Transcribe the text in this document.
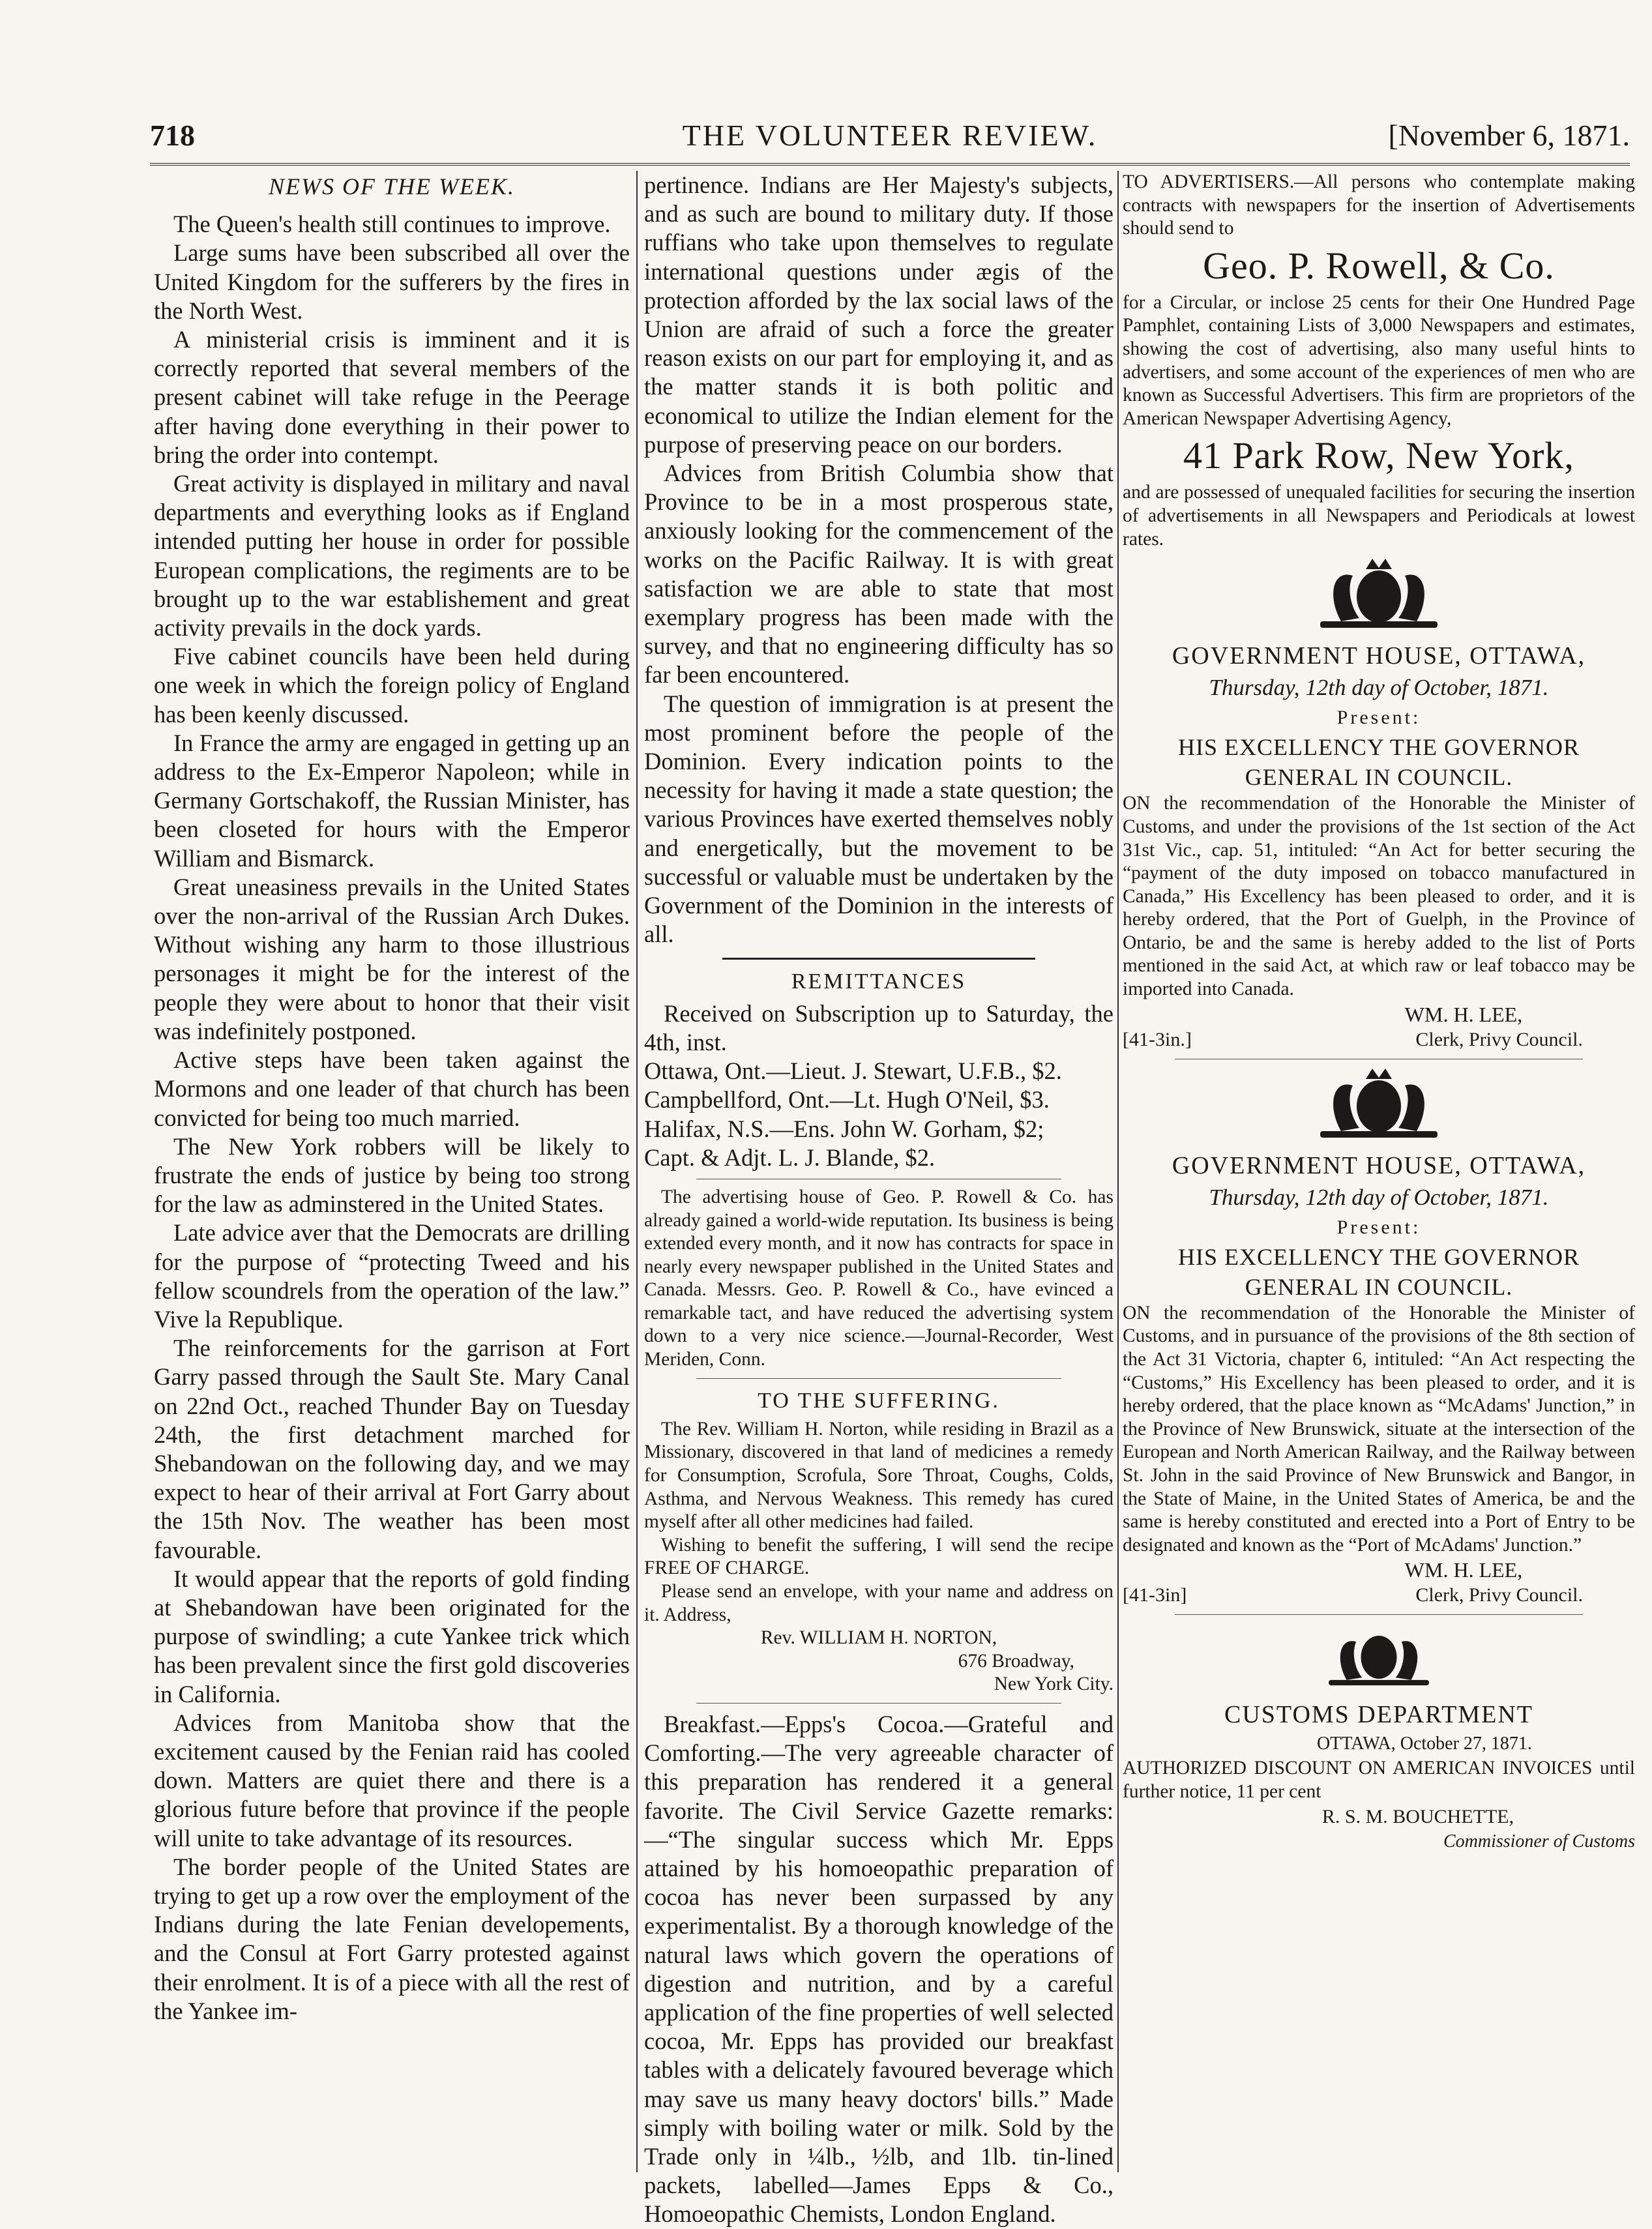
718	THE VOLUNTEER REVIEW.	[November 6, 1871.
NEWS OF THE WEEK.

The Queen's health still continues to improve.

Large sums have been subscribed all over the United Kingdom for the sufferers by the fires in the North West.

A ministerial crisis is imminent and it is correctly reported that several members of the present cabinet will take refuge in the Peerage after having done everything in their power to bring the order into contempt.

Great activity is displayed in military and naval departments and everything looks as if England intended putting her house in order for possible European complications, the regiments are to be brought up to the war establishement and great activity prevails in the dock yards.

Five cabinet councils have been held during one week in which the foreign policy of England has been keenly discussed.

In France the army are engaged in getting up an address to the Ex-Emperor Napoleon; while in Germany Gortschakoff, the Russian Minister, has been closeted for hours with the Emperor William and Bismarck.

Great uneasiness prevails in the United States over the non-arrival of the Russian Arch Dukes. Without wishing any harm to those illustrious personages it might be for the interest of the people they were about to honor that their visit was indefinitely postponed.

Active steps have been taken against the Mormons and one leader of that church has been convicted for being too much married.

The New York robbers will be likely to frustrate the ends of justice by being too strong for the law as adminstered in the United States.

Late advice aver that the Democrats are drilling for the purpose of “protecting Tweed and his fellow scoundrels from the operation of the law.” Vive la Republique.

The reinforcements for the garrison at Fort Garry passed through the Sault Ste. Mary Canal on 22nd Oct., reached Thunder Bay on Tuesday 24th, the first detachment marched for Shebandowan on the following day, and we may expect to hear of their arrival at Fort Garry about the 15th Nov. The weather has been most favourable.

It would appear that the reports of gold finding at Shebandowan have been originated for the purpose of swindling; a cute Yankee trick which has been prevalent since the first gold discoveries in California.

Advices from Manitoba show that the excitement caused by the Fenian raid has cooled down. Matters are quiet there and there is a glorious future before that province if the people will unite to take advantage of its resources.

The border people of the United States are trying to get up a row over the employment of the Indians during the late Fenian developements, and the Consul at Fort Garry protested against their enrolment. It is of a piece with all the rest of the Yankee im-

pertinence. Indians are Her Majesty's subjects, and as such are bound to military duty. If those ruffians who take upon themselves to regulate international questions under ægis of the protection afforded by the lax social laws of the Union are afraid of such a force the greater reason exists on our part for employing it, and as the matter stands it is both politic and economical to utilize the Indian element for the purpose of preserving peace on our borders.

Advices from British Columbia show that Province to be in a most prosperous state, anxiously looking for the commencement of the works on the Pacific Railway. It is with great satisfaction we are able to state that most exemplary progress has been made with the survey, and that no engineering difficulty has so far been encountered.

The question of immigration is at present the most prominent before the people of the Dominion. Every indication points to the necessity for having it made a state question; the various Provinces have exerted themselves nobly and energetically, but the movement to be successful or valuable must be undertaken by the Government of the Dominion in the interests of all.

REMITTANCES

Received on Subscription up to Saturday, the 4th, inst.

Ottawa, Ont.—Lieut. J. Stewart, U.F.B., $2.

Campbellford, Ont.—Lt. Hugh O'Neil, $3.

Halifax, N.S.—Ens. John W. Gorham, $2;

Capt. & Adjt. L. J. Blande, $2.

The advertising house of Geo. P. Rowell & Co. has already gained a world-wide reputation. Its business is being extended every month, and it now has contracts for space in nearly every newspaper published in the United States and Canada. Messrs. Geo. P. Rowell & Co., have evinced a remarkable tact, and have reduced the advertising system down to a very nice science.—Journal-Recorder, West Meriden, Conn.

TO THE SUFFERING.

The Rev. William H. Norton, while residing in Brazil as a Missionary, discovered in that land of medicines a remedy for Consumption, Scrofula, Sore Throat, Coughs, Colds, Asthma, and Nervous Weakness. This remedy has cured myself after all other medicines had failed.

Wishing to benefit the suffering, I will send the recipe FREE OF CHARGE.

Please send an envelope, with your name and address on it. Address,

Rev. WILLIAM H. NORTON,

676 Broadway,

New York City.

Breakfast.—Epps's Cocoa.—Grateful and Comforting.—The very agreeable character of this preparation has rendered it a general favorite. The Civil Service Gazette remarks:—“The singular success which Mr. Epps attained by his homoeopathic preparation of cocoa has never been surpassed by any experimentalist. By a thorough knowledge of the natural laws which govern the operations of digestion and nutrition, and by a careful application of the fine properties of well selected cocoa, Mr. Epps has provided our breakfast tables with a delicately favoured beverage which may save us many heavy doctors' bills.” Made simply with boiling water or milk. Sold by the Trade only in ¼lb., ½lb, and 1lb. tin-lined packets, labelled—James Epps & Co., Homoeopathic Chemists, London England.

TO ADVERTISERS.—All persons who contemplate making contracts with newspapers for the insertion of Advertisements should send to

Geo. P. Rowell, & Co.

for a Circular, or inclose 25 cents for their One Hundred Page Pamphlet, containing Lists of 3,000 Newspapers and estimates, showing the cost of advertising, also many useful hints to advertisers, and some account of the experiences of men who are known as Successful Advertisers. This firm are proprietors of the American Newspaper Advertising Agency,

41 Park Row, New York,

and are possessed of unequaled facilities for securing the insertion of advertisements in all Newspapers and Periodicals at lowest rates.

GOVERNMENT HOUSE, OTTAWA,
Thursday, 12th day of October, 1871.
Present:
HIS EXCELLENCY THE GOVERNOR GENERAL IN COUNCIL.

ON the recommendation of the Honorable the Minister of Customs, and under the provisions of the 1st section of the Act 31st Vic., cap. 51, intituled: “An Act for better securing the “payment of the duty imposed on tobacco manufactured in Canada,” His Excellency has been pleased to order, and it is hereby ordered, that the Port of Guelph, in the Province of Ontario, be and the same is hereby added to the list of Ports mentioned in the said Act, at which raw or leaf tobacco may be imported into Canada.

WM. H. LEE,
[41-3in.]	Clerk, Privy Council.
GOVERNMENT HOUSE, OTTAWA,
Thursday, 12th day of October, 1871.
Present:
HIS EXCELLENCY THE GOVERNOR GENERAL IN COUNCIL.

ON the recommendation of the Honorable the Minister of Customs, and in pursuance of the provisions of the 8th section of the Act 31 Victoria, chapter 6, intituled: “An Act respecting the “Customs,” His Excellency has been pleased to order, and it is hereby ordered, that the place known as “McAdams' Junction,” in the Province of New Brunswick, situate at the intersection of the European and North American Railway, and the Railway between St. John in the said Province of New Brunswick and Bangor, in the State of Maine, in the United States of America, be and the same is hereby constituted and erected into a Port of Entry to be designated and known as the “Port of McAdams' Junction.”

WM. H. LEE,
[41-3in]	Clerk, Privy Council.
CUSTOMS DEPARTMENT
OTTAWA, October 27, 1871.

AUTHORIZED DISCOUNT ON AMERICAN INVOICES until further notice, 11 per cent

R. S. M. BOUCHETTE,
Commissioner of Customs
